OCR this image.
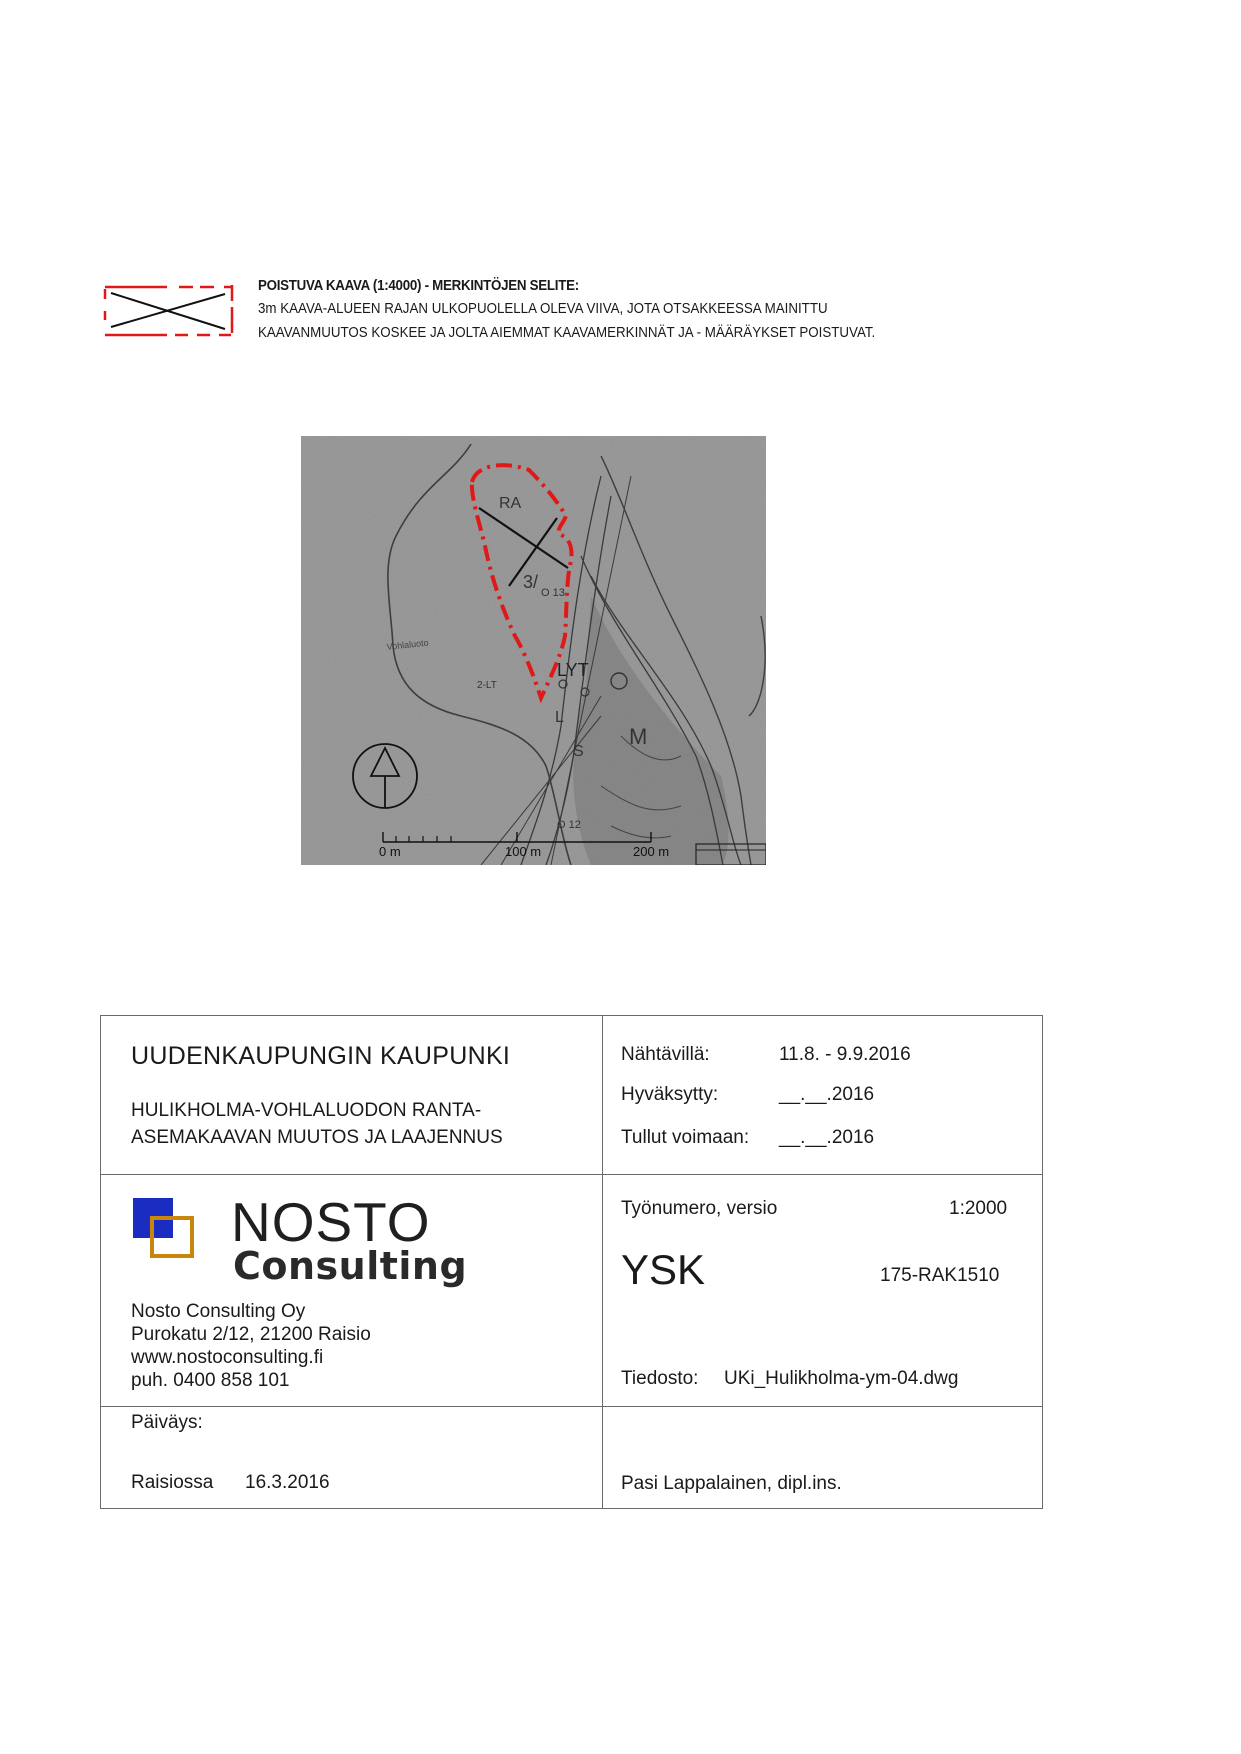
POISTUVA KAAVA (1:4000) - MERKINTÖJEN SELITE:
3m KAAVA-ALUEEN RAJAN ULKOPUOLELLA OLEVA VIIVA, JOTA OTSAKKEESSA MAINITTU
KAAVANMUUTOS KOSKEE JA JOLTA AIEMMAT KAAVAMERKINNÄT JA - MÄÄRÄYKSET POISTUVAT.
RA
3/
2-LT
LYT
M
S
L
Vohlaluoto
O 12
O 13
0 m	100 m	200 m
UUDENKAUPUNGIN KAUPUNKI
HULIKHOLMA-VOHLALUODON RANTA-
ASEMAKAAVAN MUUTOS JA LAAJENNUS
Nähtävillä:	11.8. - 9.9.2016
Hyväksytty:	__.__.2016
Tullut voimaan: __.__.2016
NOSTO
Consulting
Nosto Consulting Oy
Purokatu 2/12, 21200 Raisio
www.nostoconsulting.fi
puh. 0400 858 101
Työnumero, versio	1:2000
YSK	175-RAK1510
Tiedosto: UKi_Hulikholma-ym-04.dwg
Päiväys:
Raisiossa 16.3.2016	Pasi Lappalainen, dipl.ins.
